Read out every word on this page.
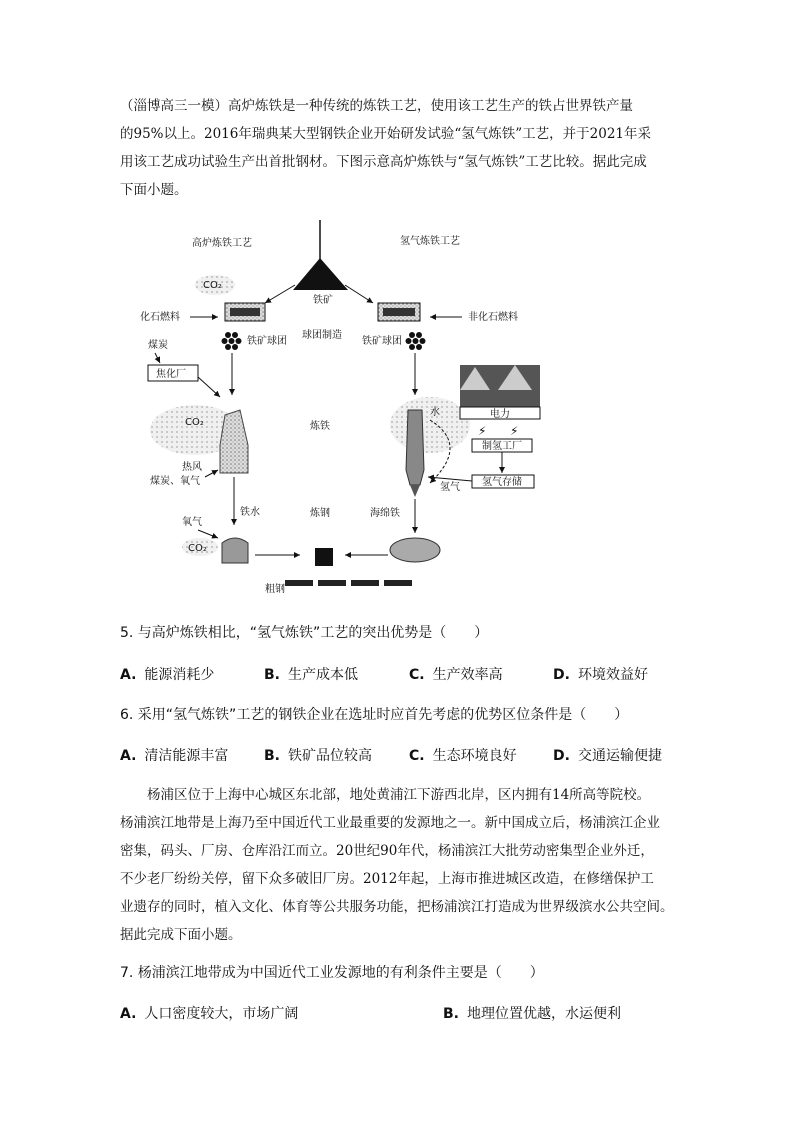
（淄博高三一模）高炉炼铁是一种传统的炼铁工艺，使用该工艺生产的铁占世界铁产量
的95%以上。2016年瑞典某大型钢铁企业开始研发试验“氢气炼铁”工艺，并于2021年采
用该工艺成功试验生产出首批钢材。下图示意高炉炼铁与“氢气炼铁”工艺比较。据此完成
下面小题。
高炉炼铁工艺	氢气炼铁工艺
铁矿
CO₂
化石燃料
铁矿球团
球团制造
炼铁
炼钢
非化石燃料
铁矿球团
煤炭
焦化厂
CO₂
热风
煤炭、氧气
铁水
氧气
CO₂
粗钢
水
氢气
电力
⚡ ⚡
制氢工厂
氢气存储
海绵铁
5. 与高炉炼铁相比，“氢气炼铁”工艺的突出优势是（　　）
A. 能源消耗少	B. 生产成本低	C. 生产效率高	D. 环境效益好
6. 采用“氢气炼铁”工艺的钢铁企业在选址时应首先考虑的优势区位条件是（　　）
A. 清洁能源丰富	B. 铁矿品位较高	C. 生态环境良好	D. 交通运输便捷
　　杨浦区位于上海中心城区东北部，地处黄浦江下游西北岸，区内拥有14所高等院校。
杨浦滨江地带是上海乃至中国近代工业最重要的发源地之一。新中国成立后，杨浦滨江企业
密集，码头、厂房、仓库沿江而立。20世纪90年代，杨浦滨江大批劳动密集型企业外迁，
不少老厂纷纷关停，留下众多破旧厂房。2012年起，上海市推进城区改造，在修缮保护工
业遗存的同时，植入文化、体育等公共服务功能，把杨浦滨江打造成为世界级滨水公共空间。
据此完成下面小题。
7. 杨浦滨江地带成为中国近代工业发源地的有利条件主要是（　　）
A. 人口密度较大，市场广阔	B. 地理位置优越，水运便利
